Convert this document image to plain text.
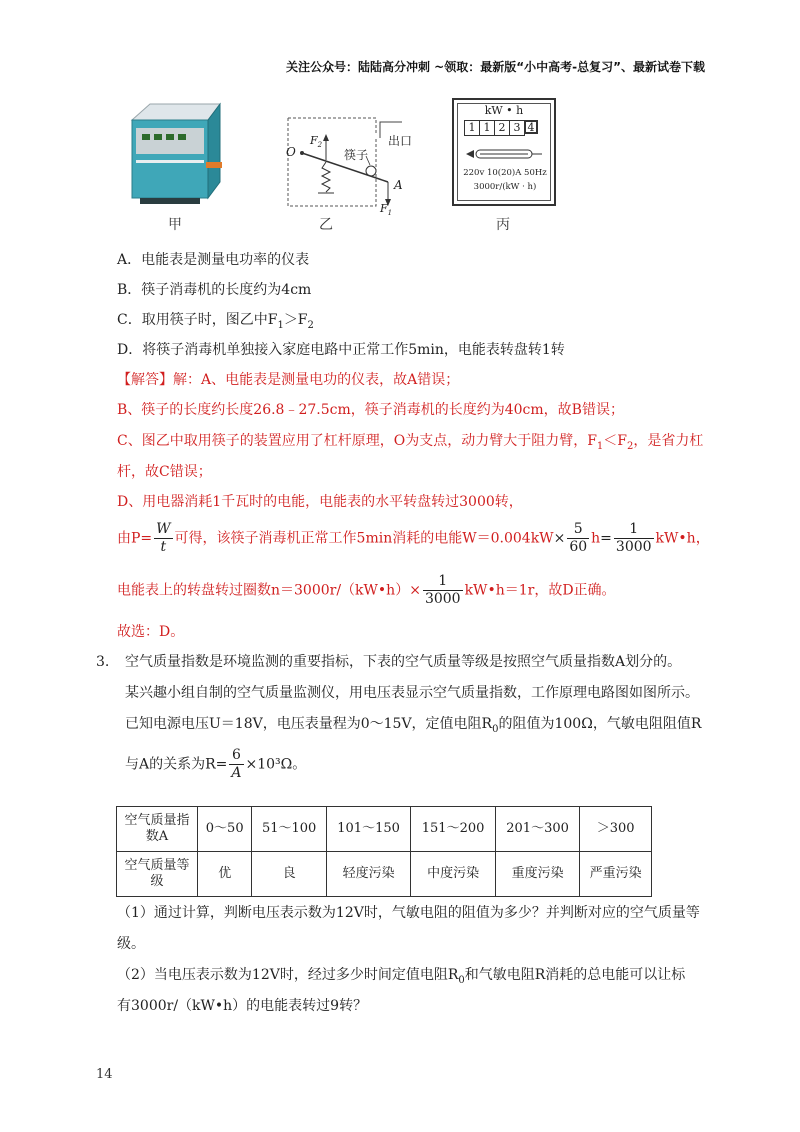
关注公众号：陆陆高分冲刺 ~领取：最新版“小中高考-总复习”、最新试卷下载
甲
O
$F_2$
筷子
出口
A
$F_1$
乙
kW • h
1 1 2 3 4
220v 10(20)A 50Hz
3000r/(kW · h)
丙
A．电能表是测量电功率的仪表
B．筷子消毒机的长度约为4cm
C．取用筷子时，图乙中$F_1>F_2$
D．将筷子消毒机单独接入家庭电路中正常工作5min，电能表转盘转1转
【解答】解：A、电能表是测量电功的仪表，故A错误；
B、筷子的长度约长度26.8﹣27.5cm，筷子消毒机的长度约为40cm，故B错误；
C、图乙中取用筷子的装置应用了杠杆原理，O为支点，动力臂大于阻力臂，$F_1<F_2$，是省力杠
杆，故C错误；
D、用电器消耗1千瓦时的电能，电能表的水平转盘转过3000转，
由$P= \frac{W}{t}$ 可得，该筷子消毒机正常工作5min消耗的电能$W=0.004kW\times \frac{5}{60} h= \frac{1}{3000}$ kW•h，
电能表上的转盘转过圈数n＝3000r/（kW•h）× $\frac{1}{3000}$ kW•h＝1r，故D正确。
故选：D。
3. 空气质量指数是环境监测的重要指标，下表的空气质量等级是按照空气质量指数A划分的。
某兴趣小组自制的空气质量监测仪，用电压表显示空气质量指数，工作原理电路图如图所示。
已知电源电压U＝18V，电压表量程为0～15V，定值电阻$R_0$的阻值为100Ω，气敏电阻阻值R
与A的关系为$R= \frac{6}{A} \times 10^3\Omega$。
空气质量指数A	0～50	51～100	101～150	151～200	201～300	＞300
空气质量等级	优	良	轻度污染	中度污染	重度污染	严重污染
（1）通过计算，判断电压表示数为12V时，气敏电阻的阻值为多少？并判断对应的空气质量等
级。
（2）当电压表示数为12V时，经过多少时间定值电阻$R_0$和气敏电阻R消耗的总电能可以让标
有3000r/（kW•h）的电能表转过9转？
14
